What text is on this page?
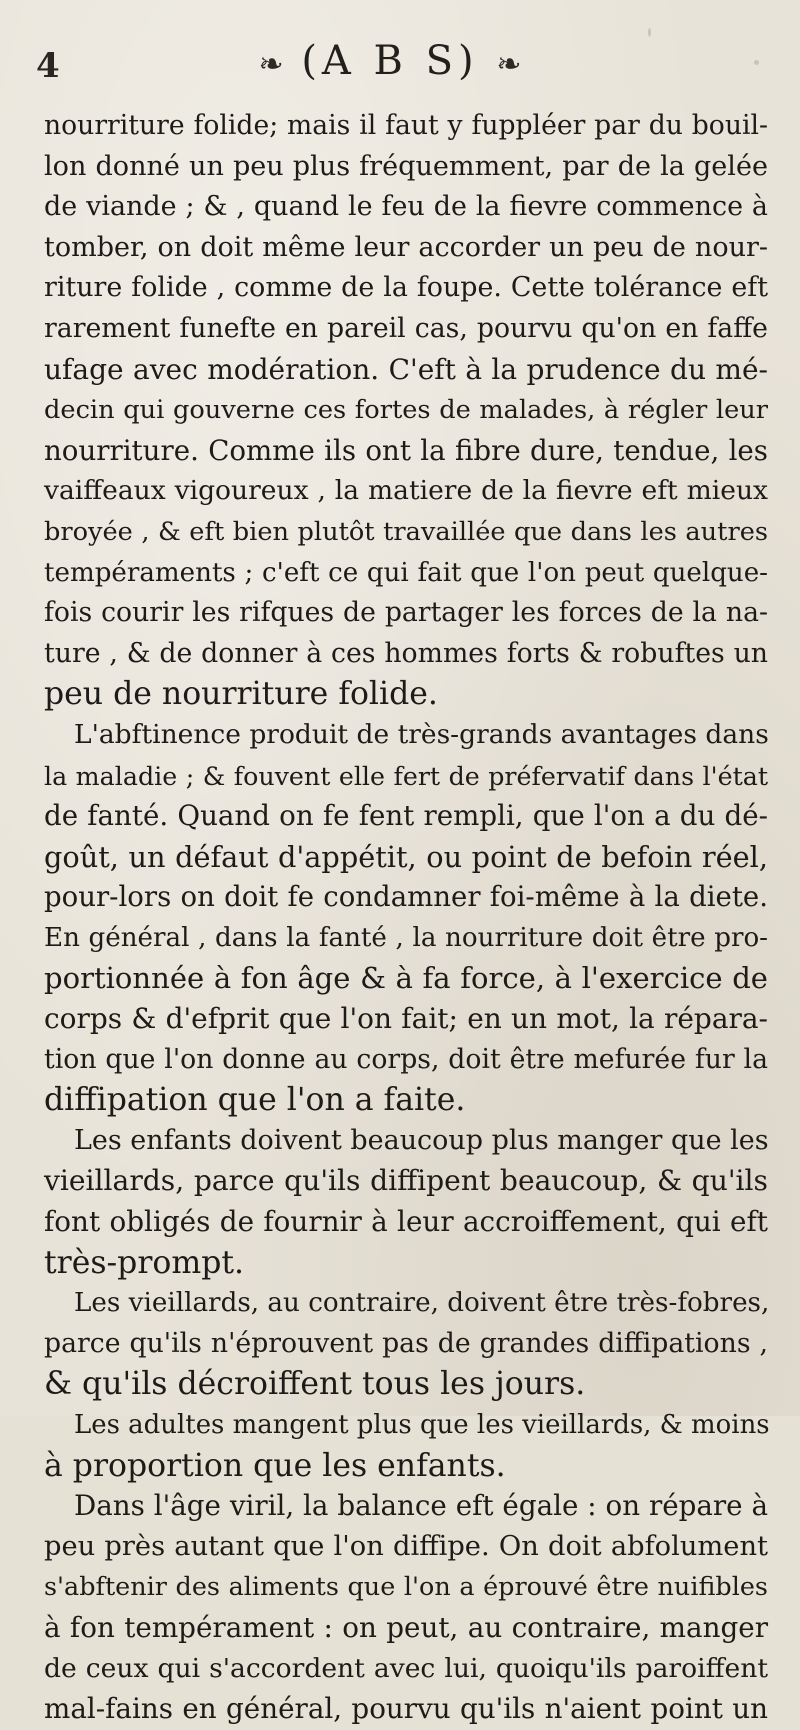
4	❧ (A B S) ❧
nourriture folide; mais il faut y fuppléer par du bouil-
lon donné un peu plus fréquemment, par de la gelée
de viande ; & , quand le feu de la fievre commence à
tomber, on doit même leur accorder un peu de nour-
riture folide , comme de la foupe. Cette tolérance eft
rarement funefte en pareil cas, pourvu qu'on en faffe
ufage avec modération. C'eft à la prudence du mé-
decin qui gouverne ces fortes de malades, à régler leur
nourriture. Comme ils ont la fibre dure, tendue, les
vaiffeaux vigoureux , la matiere de la fievre eft mieux
broyée , & eft bien plutôt travaillée que dans les autres
tempéraments ; c'eft ce qui fait que l'on peut quelque-
fois courir les rifques de partager les forces de la na-
ture , & de donner à ces hommes forts & robuftes un
peu de nourriture folide.
L'abftinence produit de très-grands avantages dans
la maladie ; & fouvent elle fert de préfervatif dans l'état
de fanté. Quand on fe fent rempli, que l'on a du dé-
goût, un défaut d'appétit, ou point de befoin réel,
pour-lors on doit fe condamner foi-même à la diete.
En général , dans la fanté , la nourriture doit être pro-
portionnée à fon âge & à fa force, à l'exercice de
corps & d'efprit que l'on fait; en un mot, la répara-
tion que l'on donne au corps, doit être mefurée fur la
diffipation que l'on a faite.
Les enfants doivent beaucoup plus manger que les
vieillards, parce qu'ils diffipent beaucoup, & qu'ils
font obligés de fournir à leur accroiffement, qui eft
très-prompt.
Les vieillards, au contraire, doivent être très-fobres,
parce qu'ils n'éprouvent pas de grandes diffipations ,
& qu'ils décroiffent tous les jours.
Les adultes mangent plus que les vieillards, & moins
à proportion que les enfants.
Dans l'âge viril, la balance eft égale : on répare à
peu près autant que l'on diffipe. On doit abfolument
s'abftenir des aliments que l'on a éprouvé être nuifibles
à fon tempérament : on peut, au contraire, manger
de ceux qui s'accordent avec lui, quoiqu'ils paroiffent
mal-fains en général, pourvu qu'ils n'aient point un
